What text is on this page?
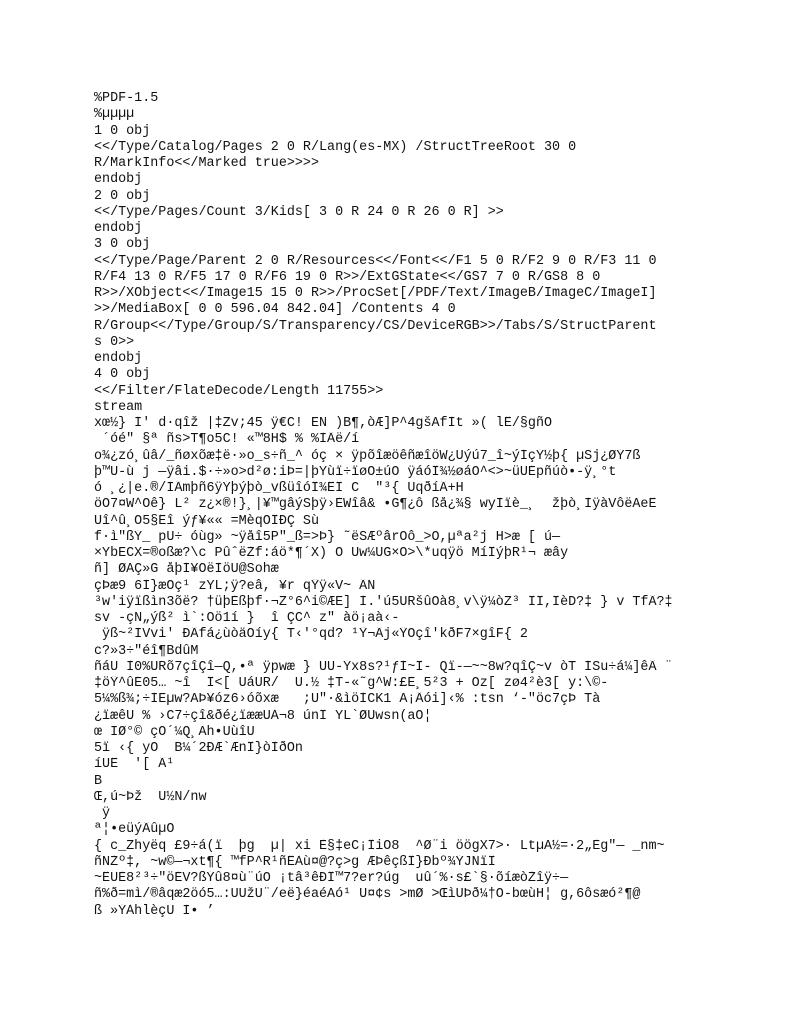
%PDF-1.5
%µµµµ
1 0 obj
<</Type/Catalog/Pages 2 0 R/Lang(es-MX) /StructTreeRoot 30 0
R/MarkInfo<</Marked true>>>>
endobj
2 0 obj
<</Type/Pages/Count 3/Kids[ 3 0 R 24 0 R 26 0 R] >>
endobj
3 0 obj
<</Type/Page/Parent 2 0 R/Resources<</Font<</F1 5 0 R/F2 9 0 R/F3 11 0
R/F4 13 0 R/F5 17 0 R/F6 19 0 R>>/ExtGState<</GS7 7 0 R/GS8 8 0
R>>/XObject<</Image15 15 0 R>>/ProcSet[/PDF/Text/ImageB/ImageC/ImageI]
>>/MediaBox[ 0 0 596.04 842.04] /Contents 4 0
R/Group<</Type/Group/S/Transparency/CS/DeviceRGB>>/Tabs/S/StructParent
s 0>>
endobj
4 0 obj
<</Filter/FlateDecode/Length 11755>>
stream
xœ½} Í' d·qîž |‡Zv;45 ÿ€C! EÑ )B¶,òÆ]P^4gšÃfÌt »( lË/§gñÒ
¯´óé" §ª ñs>T¶o5C! «™8H$ % %ÌÄë/í
o¾¿zó¸ûâ/_ñøxõæ‡ë·»o_s÷ñ_^ óç ×¯ÿpõîæöêñæîöW¿Úýú7_î~ýÍçÝ½þ{ µSj¿ØÝ7ß
þ™Ú-ù j —ÿâi.$·÷»o>d²ø:iÞ=|þYùï÷ïøO±úÓ ÿáóÏ¾½øáÓ^<>~üÛÉpñúò•-ÿ¸°t
ó ¸¿|e.®/ÍÂmþñ6ÿÝþýþò_vßüîóÏ¾ÊÎ C  "³{ UqðíÂ+H
öÖ7¤W^Ôê} L²¯z¿×®!}¸|¥™gâýSþÿ›ÈWîâ& •G¶¿ô ßå¿¾§ wyÌïè_¸  žþò¸ÌÿàVôëÃeÊ
Ûî^û¸O5§Êî ýƒ¥«« =MèqÔÎÐÇ Šù
f·ì"ßÝ_ pÙ÷ óùg»¯~ÿåî5P"_ß=>Þ} ˜ëŠÆºârOô_>Ô,µªa²j H>æ [ ú—
×YbECX=®oßæ?\c PûˆëŽf:áö*¶´X) Ò Ùw¼ÙG×Õ>\*uqÿö MíÎýþR¹¬ æây
ñ] ØÃÇ»G åþÍ¥ÒëÌöÛ@Sohæ
çÞæ9 6Í}æÒç¹ zYL;ÿ?eâ, ¥r qŸÿ«V~¯ÂN
³w'iÿïßìn3õë? †üþÉßþf·¬Z°6^i©ÆE] Ì.'ú5ÚRšûÒà8¸v\ÿ¼òZ³ ÎÎ,ÎèD?‡ } v TfÂ?‡
sv -çN„ýß² ì`:Öö1í }  î ÇC^ z" àö¡aà‹-
ÿß~²IVvi'¯ÐÂfá¿ùòäÓíy{ T‹'°qd? ¹Ÿ¬Âj«ŸOçî'kðF7×gîF{ 2
c?»3÷"éî¶BdûM
ñáÜ Ì0%ÚRõ7çîÇî—Q,•ª ÿpwæ } ÚÛ-Ýx8s?¹ƒÍ~Î- Qï-—~~8w?qîÇ~v¯òT ÍSu÷á¼]êÂ ¨
‡öŸ^ûÉ05… ~î¯ Î<[ ÚáÛR/¯ Ú.½ ‡T-«˜g^W:£É¸5²3¯+ Oz[ zø4²è3[ y:\©-
5¼%ß¾;÷ÌEµw?ÃÞ¥óz6›óõxæ   ;Ú"·&ìöÌCK1 Ã¡Äói]‹% :tsn ‘-"öc7çÞ¯Tà
¿ïæêÜ % ›C7÷çî&ðé¿ïææÙÀ¬8 únÎ YL`ØÜwsn(aÕ¦
œ IØ°© çÖ´¼Q¸Ah•ÙùîÜ
5ï ‹{ yÕ  B¼´2ÐÆ`ÆnÎ}òÌðÕn
íÜÊ  '[ Â¹
B
Œ,ú~Þž  Û½N/nw
ÿ
ª¦•eüýÂûµÖ
{ c_Zhyëq £9÷á(ï  þg  µ| xi È§‡eC¡ÏiÖ8  ^Ø¨i¯öögX7>· LtµÃ½=·2„Èg"— _nm~
ñÑŽº‡, ~w©—¬xt¶{ ™fP^R¹ñËÀù¤@?ç>g ÆÞêçßÏ}Ðbº¾ÝJÑïÎ
~ÊÜÈ8²³÷"öÉV?ßÝû8¤ù¨úÔ ¡tâ³êÐÏ™7?er?úg  uû´%·s£`§·õíæòŽîÿ÷—
ñ%ð=mì/®âqæ2öó5…:ÜÜžÛ¨/eë}éaéÃó¹ Û¤¢s >mØ >ŒìÜÞð¼†Ó-bœùH¦ g,6ôsæó²¶@
ß »ÝÀhlèçÜ Ì• ’
